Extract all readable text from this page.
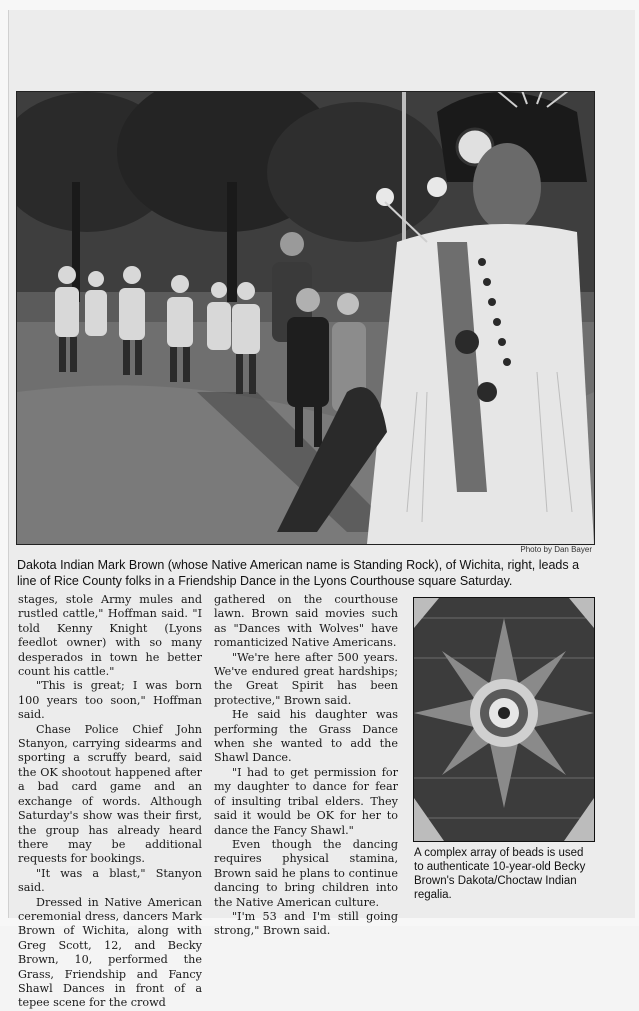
Photo by Dan Bayer
Dakota Indian Mark Brown (whose Native American name is Standing Rock), of Wichita, right, leads a line of Rice County folks in a Friendship Dance in the Lyons Courthouse square Saturday.

stages, stole Army mules and rustled cattle," Hoffman said. "I told Kenny Knight (Lyons feedlot owner) with so many desperados in town he better count his cattle."

"This is great; I was born 100 years too soon," Hoffman said.

Chase Police Chief John Stanyon, carrying sidearms and sporting a scruffy beard, said the OK shootout happened after a bad card game and an exchange of words. Although Saturday's show was their first, the group has already heard there may be additional requests for bookings.

"It was a blast," Stanyon said.

Dressed in Native American ceremonial dress, dancers Mark Brown of Wichita, along with Greg Scott, 12, and Becky Brown, 10, performed the Grass, Friendship and Fancy Shawl Dances in front of a tepee scene for the crowd

gathered on the courthouse lawn. Brown said movies such as "Dances with Wolves" have romanticized Native Americans.

"We're here after 500 years. We've endured great hardships; the Great Spirit has been protective," Brown said.

He said his daughter was performing the Grass Dance when she wanted to add the Shawl Dance.

"I had to get permission for my daughter to dance for fear of insulting tribal elders. They said it would be OK for her to dance the Fancy Shawl."

Even though the dancing requires physical stamina, Brown said he plans to continue dancing to bring children into the Native American culture.

"I'm 53 and I'm still going strong," Brown said.

A complex array of beads is used to authenticate 10-year-old Becky Brown's Dakota/Choctaw Indian regalia.
